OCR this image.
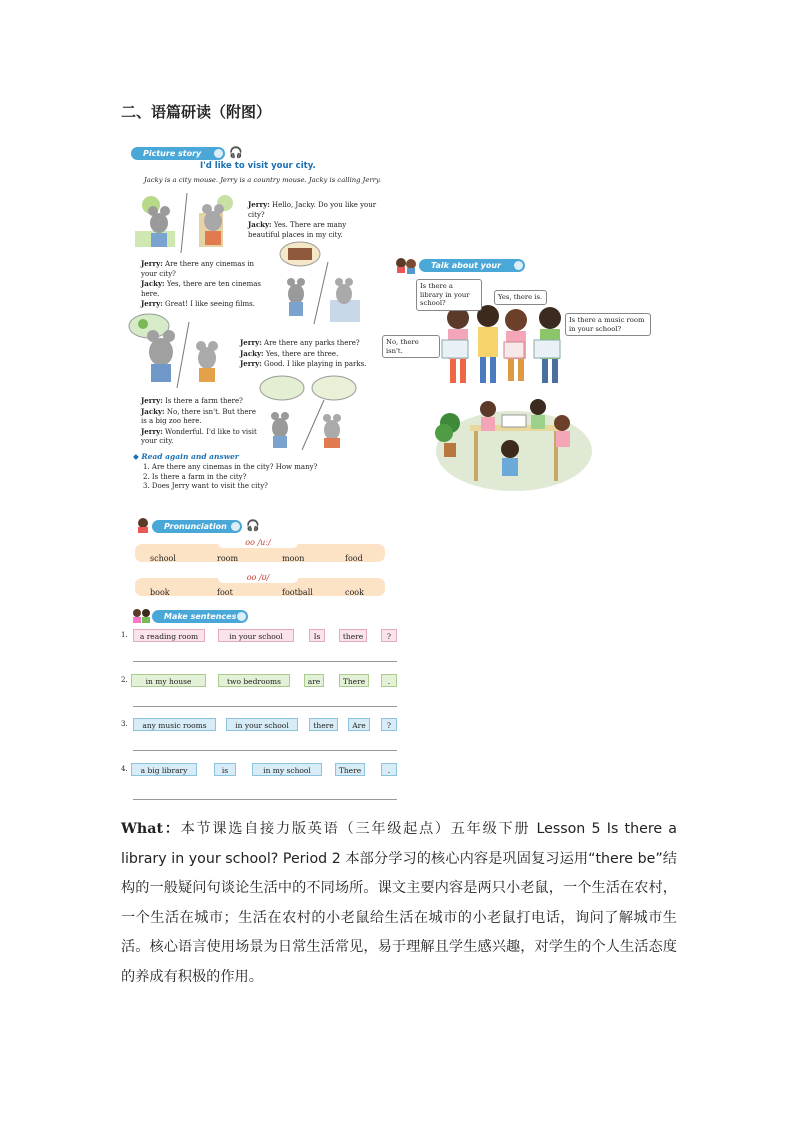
二、语篇研读（附图）
Picture story	🎧
I'd like to visit your city.
Jacky is a city mouse. Jerry is a country mouse. Jacky is calling Jerry.
Jerry: Hello, Jacky. Do you like your city?
Jacky: Yes. There are many beautiful places in my city.
Jerry: Are there any cinemas in your city?
Jacky: Yes, there are ten cinemas here.
Jerry: Great! I like seeing films.
Jerry: Are there any parks there?
Jacky: Yes, there are three.
Jerry: Good. I like playing in parks.
Jerry: Is there a farm there?
Jacky: No, there isn't. But there is a big zoo here.
Jerry: Wonderful. I'd like to visit your city.
◆ Read again and answer
1. Are there any cinemas in the city? How many?
2. Is there a farm in the city?
3. Does Jerry want to visit the city?
Talk about your
Is there a library in your school?
Yes, there is.
No, there isn't.
Is there a music room in your school?
Pronunciation	🎧
oo /uː/
school	room	moon	food
oo /ʊ/
book	foot	football	cook
Make sentences
1.	a reading room	in your school	Is	there	?
2.	in my house	two bedrooms	are	There	.
3.	any music rooms	in your school	there	Are	?
4.	a big library	is	in my school	There	.
What：本节课选自接力版英语（三年级起点）五年级下册 Lesson 5 Is there a library in your school? Period 2 本部分学习的核心内容是巩固复习运用“there be”结构的一般疑问句谈论生活中的不同场所。课文主要内容是两只小老鼠，一个生活在农村，一个生活在城市；生活在农村的小老鼠给生活在城市的小老鼠打电话，询问了解城市生活。核心语言使用场景为日常生活常见，易于理解且学生感兴趣，对学生的个人生活态度的养成有积极的作用。
